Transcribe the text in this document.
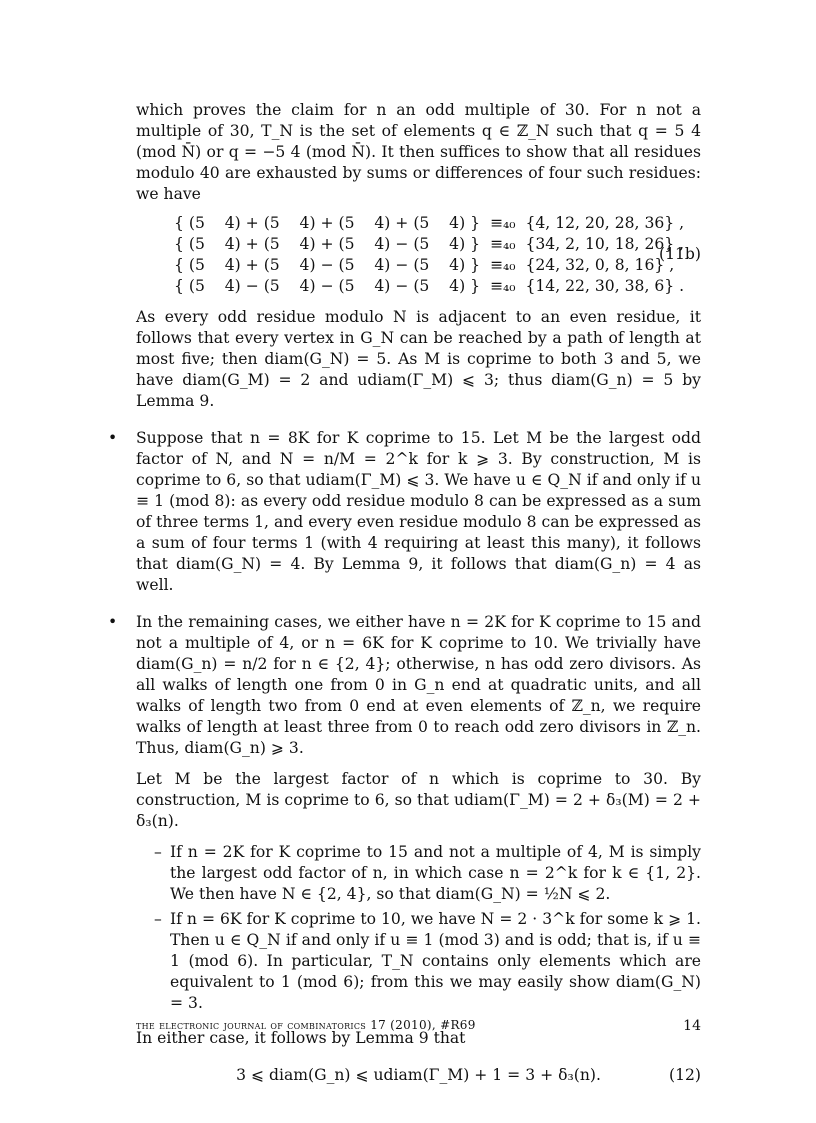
which proves the claim for n an odd multiple of 30. For n not a multiple of 30, T_N is the set of elements q ∈ ℤ_N such that q = 5 4 (mod N̄) or q = −5 4 (mod N̄). It then suffices to show that all residues modulo 40 are exhausted by sums or differences of four such residues: we have

{ (5    4) + (5    4) + (5    4) + (5    4) }  ≡₄₀  {4, 12, 20, 28, 36} ,
{ (5    4) + (5    4) + (5    4) − (5    4) }  ≡₄₀  {34, 2, 10, 18, 26} ,
{ (5    4) + (5    4) − (5    4) − (5    4) }  ≡₄₀  {24, 32, 0, 8, 16} ,
{ (5    4) − (5    4) − (5    4) − (5    4) }  ≡₄₀  {14, 22, 30, 38, 6} .
(11b)

As every odd residue modulo N is adjacent to an even residue, it follows that every vertex in G_N can be reached by a path of length at most five; then diam(G_N) = 5. As M is coprime to both 3 and 5, we have diam(G_M) = 2 and udiam(Γ_M) ⩽ 3; thus diam(G_n) = 5 by Lemma 9.

• Suppose that n = 8K for K coprime to 15. Let M be the largest odd factor of N, and N = n/M = 2^k for k ⩾ 3. By construction, M is coprime to 6, so that udiam(Γ_M) ⩽ 3. We have u ∈ Q_N if and only if u ≡ 1 (mod 8): as every odd residue modulo 8 can be expressed as a sum of three terms 1, and every even residue modulo 8 can be expressed as a sum of four terms 1 (with 4 requiring at least this many), it follows that diam(G_N) = 4. By Lemma 9, it follows that diam(G_n) = 4 as well.

• In the remaining cases, we either have n = 2K for K coprime to 15 and not a multiple of 4, or n = 6K for K coprime to 10. We trivially have diam(G_n) = n/2 for n ∈ {2, 4}; otherwise, n has odd zero divisors. As all walks of length one from 0 in G_n end at quadratic units, and all walks of length two from 0 end at even elements of ℤ_n, we require walks of length at least three from 0 to reach odd zero divisors in ℤ_n. Thus, diam(G_n) ⩾ 3.

Let M be the largest factor of n which is coprime to 30. By construction, M is coprime to 6, so that udiam(Γ_M) = 2 + δ₃(M) = 2 + δ₃(n).

– If n = 2K for K coprime to 15 and not a multiple of 4, M is simply the largest odd factor of n, in which case n = 2^k for k ∈ {1, 2}. We then have N ∈ {2, 4}, so that diam(G_N) = ½N ⩽ 2.

– If n = 6K for K coprime to 10, we have N = 2 · 3^k for some k ⩾ 1. Then u ∈ Q_N if and only if u ≡ 1 (mod 3) and is odd; that is, if u ≡ 1 (mod 6). In particular, T_N contains only elements which are equivalent to 1 (mod 6); from this we may easily show diam(G_N) = 3.

In either case, it follows by Lemma 9 that

3 ⩽ diam(G_n) ⩽ udiam(Γ_M) + 1 = 3 + δ₃(n).	(12)
the electronic journal of combinatorics 17 (2010), #R69	14
